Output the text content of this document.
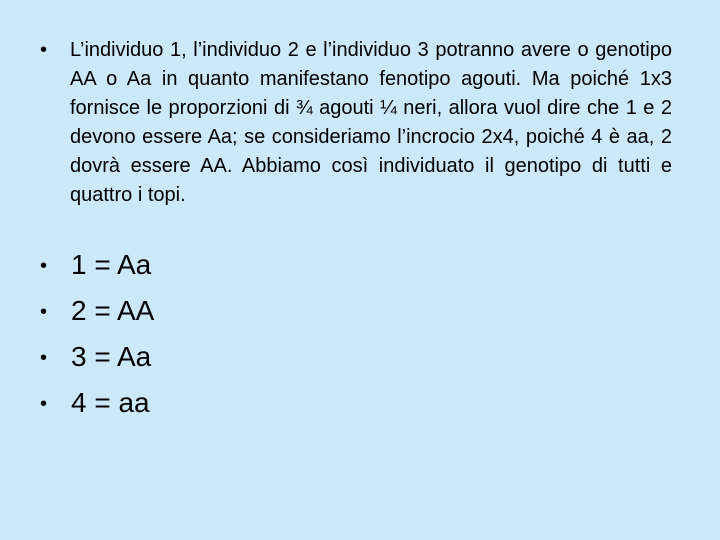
•	L’individuo 1, l’individuo 2 e l’individuo 3 potranno avere o genotipo AA o Aa in quanto manifestano fenotipo agouti. Ma poiché 1x3 fornisce le proporzioni di ¾ agouti ¼ neri, allora vuol dire che 1 e 2 devono essere Aa; se consideriamo l’incrocio 2x4, poiché 4 è aa, 2 dovrà essere AA. Abbiamo così individuato il genotipo di tutti e quattro i topi.
• 1 = Aa
• 2 = AA
• 3 = Aa
• 4 = aa
